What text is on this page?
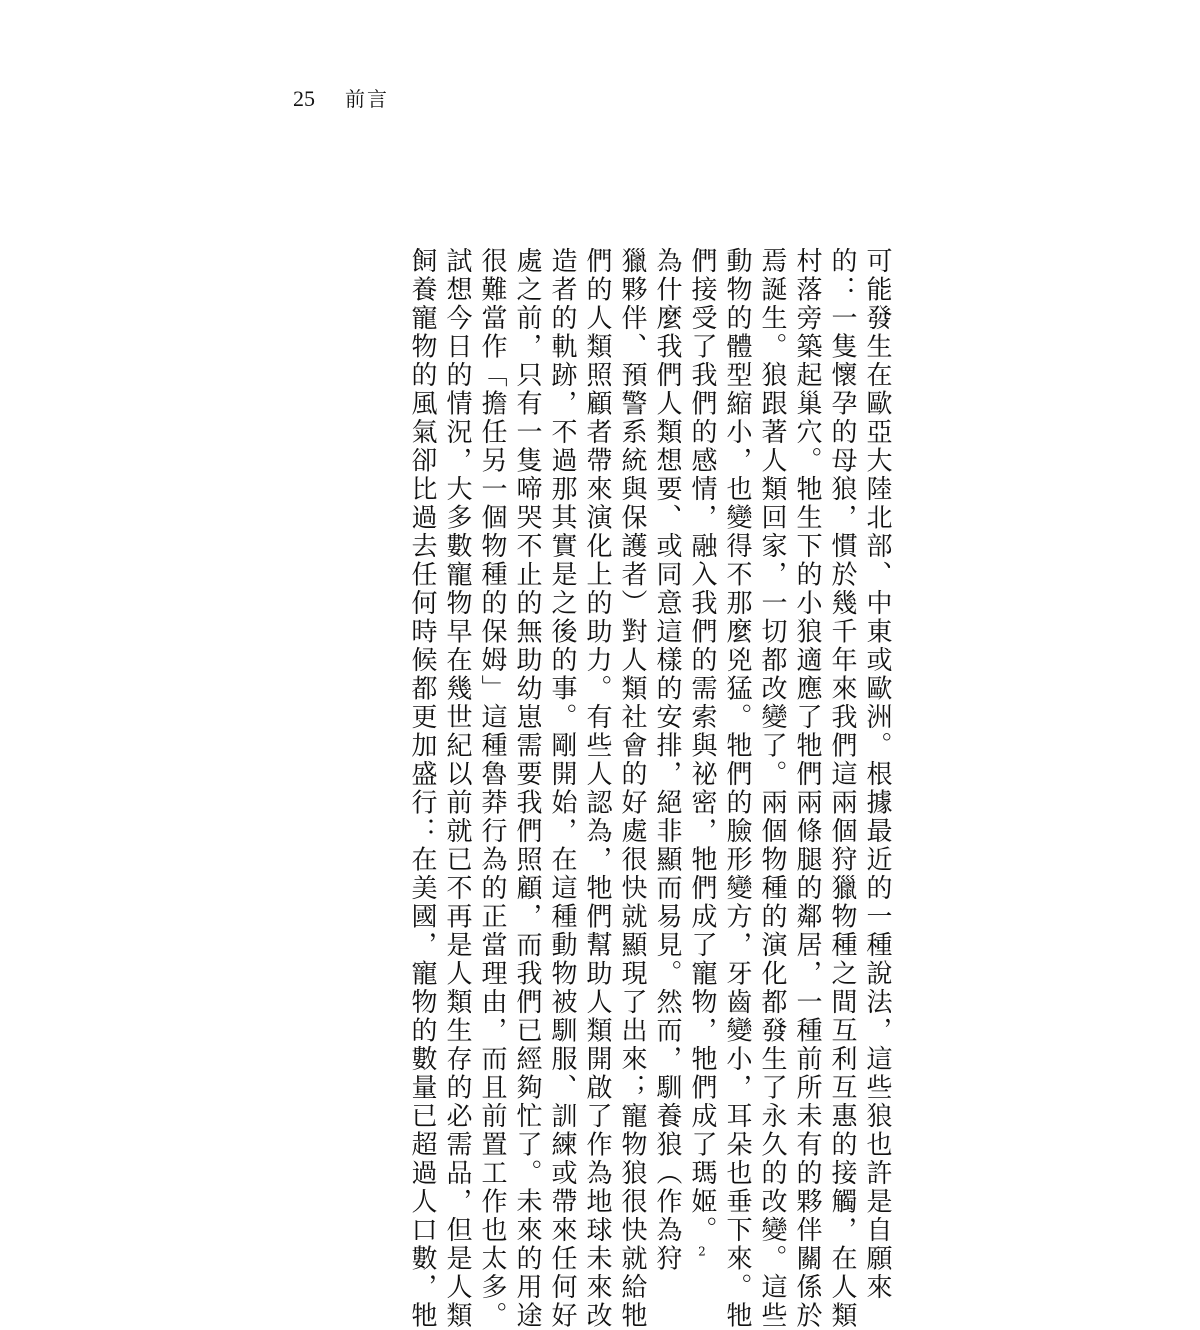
25 前言
可能發生在歐亞大陸北部、中東或歐洲。根據最近的一種說法，這些狼也許是自願來
的：一隻懷孕的母狼，慣於幾千年來我們這兩個狩獵物種之間互利互惠的接觸，在人類
村落旁築起巢穴。牠生下的小狼適應了牠們兩條腿的鄰居，一種前所未有的夥伴關係於
焉誕生。狼跟著人類回家，一切都改變了。兩個物種的演化都發生了永久的改變。這些
動物的體型縮小，也變得不那麼兇猛。牠們的臉形變方，牙齒變小，耳朵也垂下來。牠
們接受了我們的感情，融入我們的需索與祕密，牠們成了寵物，牠們成了瑪姬。2
為什麼我們人類想要、或同意這樣的安排，絕非顯而易見。然而，馴養狼（作為狩
獵夥伴、預警系統與保護者）對人類社會的好處很快就顯現了出來；寵物狼很快就給牠
們的人類照顧者帶來演化上的助力。有些人認為，牠們幫助人類開啟了作為地球未來改
造者的軌跡，不過那其實是之後的事。剛開始，在這種動物被馴服、訓練或帶來任何好
處之前，只有一隻啼哭不止的無助幼崽需要我們照顧，而我們已經夠忙了。未來的用途
很難當作「擔任另一個物種的保姆」這種魯莽行為的正當理由，而且前置工作也太多。
試想今日的情況，大多數寵物早在幾世紀以前就已不再是人類生存的必需品，但是人類
飼養寵物的風氣卻比過去任何時候都更加盛行：在美國，寵物的數量已超過人口數，牠
